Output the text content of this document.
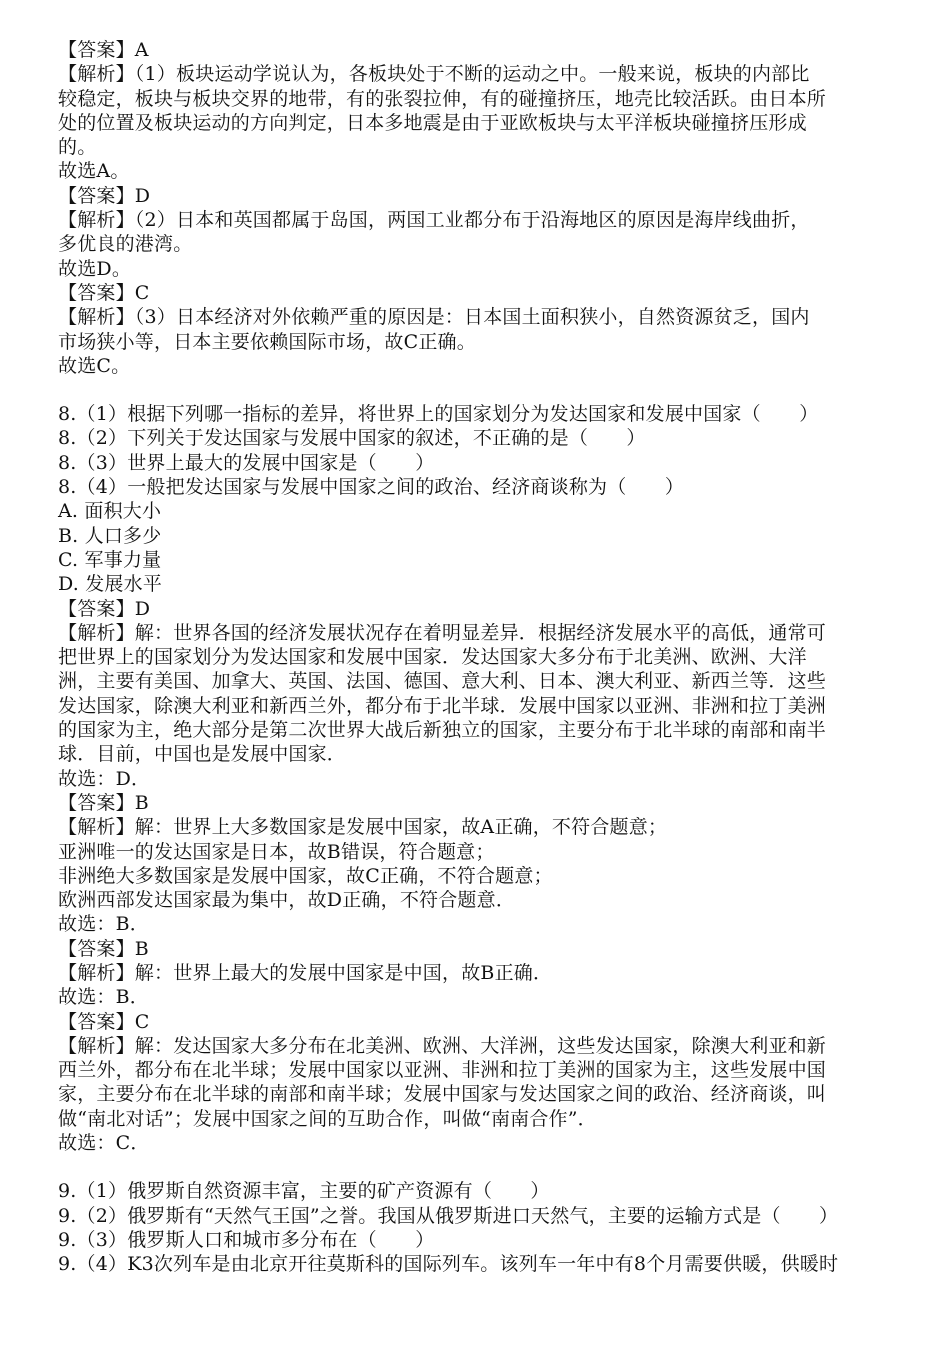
【答案】A
【解析】（1）板块运动学说认为，各板块处于不断的运动之中。一般来说，板块的内部比
较稳定，板块与板块交界的地带，有的张裂拉伸，有的碰撞挤压，地壳比较活跃。由日本所
处的位置及板块运动的方向判定，日本多地震是由于亚欧板块与太平洋板块碰撞挤压形成
的。
故选A。
【答案】D
【解析】（2）日本和英国都属于岛国，两国工业都分布于沿海地区的原因是海岸线曲折，
多优良的港湾。
故选D。
【答案】C
【解析】（3）日本经济对外依赖严重的原因是：日本国土面积狭小，自然资源贫乏，国内
市场狭小等，日本主要依赖国际市场，故C正确。
故选C。
8.（1）根据下列哪一指标的差异，将世界上的国家划分为发达国家和发展中国家（　　）
8.（2）下列关于发达国家与发展中国家的叙述，不正确的是（　　）
8.（3）世界上最大的发展中国家是（　　）
8.（4）一般把发达国家与发展中国家之间的政治、经济商谈称为（　　）
A. 面积大小
B. 人口多少
C. 军事力量
D. 发展水平
【答案】D
【解析】解：世界各国的经济发展状况存在着明显差异．根据经济发展水平的高低，通常可
把世界上的国家划分为发达国家和发展中国家．发达国家大多分布于北美洲、欧洲、大洋
洲，主要有美国、加拿大、英国、法国、德国、意大利、日本、澳大利亚、新西兰等．这些
发达国家，除澳大利亚和新西兰外，都分布于北半球．发展中国家以亚洲、非洲和拉丁美洲
的国家为主，绝大部分是第二次世界大战后新独立的国家，主要分布于北半球的南部和南半
球．目前，中国也是发展中国家．
故选：D．
【答案】B
【解析】解：世界上大多数国家是发展中国家，故A正确，不符合题意；
亚洲唯一的发达国家是日本，故B错误，符合题意；
非洲绝大多数国家是发展中国家，故C正确，不符合题意；
欧洲西部发达国家最为集中，故D正确，不符合题意．
故选：B．
【答案】B
【解析】解：世界上最大的发展中国家是中国，故B正确．
故选：B．
【答案】C
【解析】解：发达国家大多分布在北美洲、欧洲、大洋洲，这些发达国家，除澳大利亚和新
西兰外，都分布在北半球；发展中国家以亚洲、非洲和拉丁美洲的国家为主，这些发展中国
家，主要分布在北半球的南部和南半球；发展中国家与发达国家之间的政治、经济商谈，叫
做“南北对话”；发展中国家之间的互助合作，叫做“南南合作”．
故选：C．
9.（1）俄罗斯自然资源丰富，主要的矿产资源有（　　）
9.（2）俄罗斯有“天然气王国”之誉。我国从俄罗斯进口天然气，主要的运输方式是（　　）
9.（3）俄罗斯人口和城市多分布在（　　）
9.（4）K3次列车是由北京开往莫斯科的国际列车。该列车一年中有8个月需要供暖，供暖时
